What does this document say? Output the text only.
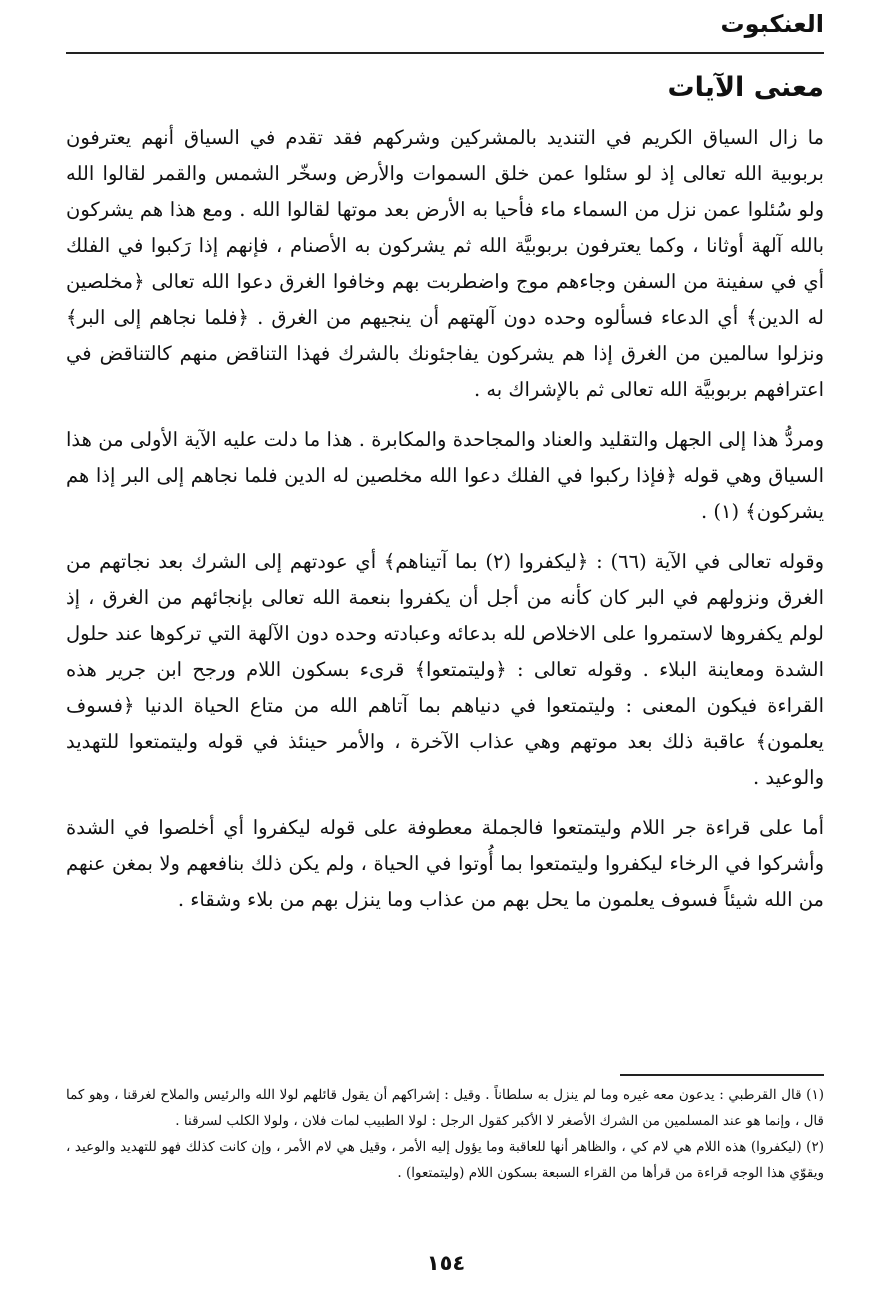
العنكبوت
معنى الآيات

ما زال السياق الكريم في التنديد بالمشركين وشركهم فقد تقدم في السياق أنهم يعترفون بربوبية الله تعالى إذ لو سئلوا عمن خلق السموات والأرض وسخّر الشمس والقمر لقالوا الله ولو سُئلوا عمن نزل من السماء ماء فأحيا به الأرض بعد موتها لقالوا الله . ومع هذا هم يشركون بالله آلهة أوثانا ، وكما يعترفون بربوبيَّة الله ثم يشركون به الأصنام ، فإنهم إذا رَكبوا في الفلك أي في سفينة من السفن وجاءهم موج واضطربت بهم وخافوا الغرق دعوا الله تعالى ﴿مخلصين له الدين﴾ أي الدعاء فسألوه وحده دون آلهتهم أن ينجيهم من الغرق . ﴿فلما نجاهم إلى البر﴾ ونزلوا سالمين من الغرق إذا هم يشركون يفاجئونك بالشرك فهذا التناقض منهم كالتناقض في اعترافهم بربوبيَّة الله تعالى ثم بالإشراك به .

ومردُّ هذا إلى الجهل والتقليد والعناد والمجاحدة والمكابرة . هذا ما دلت عليه الآية الأولى من هذا السياق وهي قوله ﴿فإذا ركبوا في الفلك دعوا الله مخلصين له الدين فلما نجاهم إلى البر إذا هم يشركون﴾ (١) .

وقوله تعالى في الآية (٦٦) : ﴿ليكفروا (٢) بما آتيناهم﴾ أي عودتهم إلى الشرك بعد نجاتهم من الغرق ونزولهم في البر كان كأنه من أجل أن يكفروا بنعمة الله تعالى بإنجائهم من الغرق ، إذ لولم يكفروها لاستمروا على الاخلاص لله بدعائه وعبادته وحده دون الآلهة التي تركوها عند حلول الشدة ومعاينة البلاء . وقوله تعالى : ﴿وليتمتعوا﴾ قرىء بسكون اللام ورجح ابن جرير هذه القراءة فيكون المعنى : وليتمتعوا في دنياهم بما آتاهم الله من متاع الحياة الدنيا ﴿فسوف يعلمون﴾ عاقبة ذلك بعد موتهم وهي عذاب الآخرة ، والأمر حينئذ في قوله وليتمتعوا للتهديد والوعيد .

أما على قراءة جر اللام وليتمتعوا فالجملة معطوفة على قوله ليكفروا أي أخلصوا في الشدة وأشركوا في الرخاء ليكفروا وليتمتعوا بما أُوتوا في الحياة ، ولم يكن ذلك بنافعهم ولا بمغن عنهم من الله شيئاً فسوف يعلمون ما يحل بهم من عذاب وما ينزل بهم من بلاء وشقاء .

(١) قال القرطبي : يدعون معه غيره وما لم ينزل به سلطاناً . وقيل : إشراكهم أن يقول قائلهم لولا الله والرئيس والملاح لغرقنا ، وهو كما قال ، وإنما هو عند المسلمين من الشرك الأصغر لا الأكبر كقول الرجل : لولا الطبيب لمات فلان ، ولولا الكلب لسرقنا .

(٢) (ليكفروا) هذه اللام هي لام كي ، والظاهر أنها للعاقبة وما يؤول إليه الأمر ، وقيل هي لام الأمر ، وإن كانت كذلك فهو للتهديد والوعيد ، ويقوّي هذا الوجه قراءة من قرأها من القراء السبعة بسكون اللام (وليتمتعوا) .

١٥٤
